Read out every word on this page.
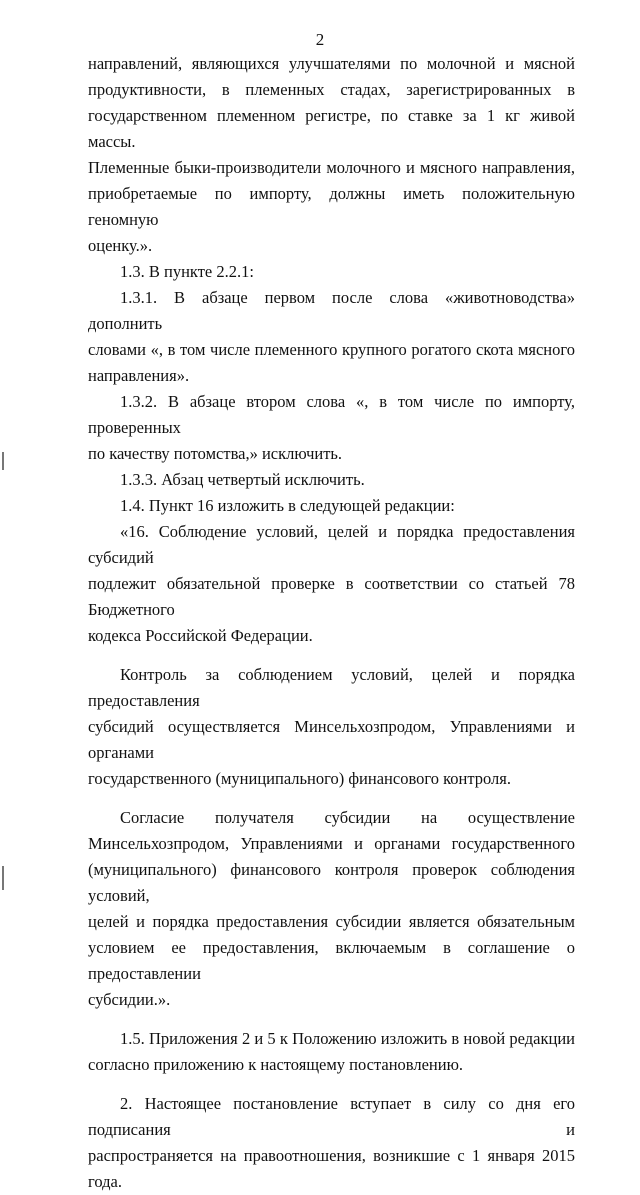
2
направлений, являющихся улучшателями по молочной и мясной
продуктивности, в племенных стадах, зарегистрированных в
государственном племенном регистре, по ставке за 1 кг живой массы.
Племенные быки-производители молочного и мясного направления,
приобретаемые по импорту, должны иметь положительную геномную
оценку.».
1.3. В пункте 2.2.1:
1.3.1. В абзаце первом после слова «животноводства» дополнить
словами «, в том числе племенного крупного рогатого скота мясного
направления».
1.3.2. В абзаце втором слова «, в том числе по импорту, проверенных
по качеству потомства,» исключить.
1.3.3. Абзац четвертый исключить.
1.4. Пункт 16 изложить в следующей редакции:
«16. Соблюдение условий, целей и порядка предоставления субсидий
подлежит обязательной проверке в соответствии со статьей 78 Бюджетного
кодекса Российской Федерации.
Контроль за соблюдением условий, целей и порядка предоставления
субсидий осуществляется Минсельхозпродом, Управлениями и органами
государственного (муниципального) финансового контроля.
Согласие получателя субсидии на осуществление
Минсельхозпродом, Управлениями и органами государственного
(муниципального) финансового контроля проверок соблюдения условий,
целей и порядка предоставления субсидии является обязательным
условием ее предоставления, включаемым в соглашение о предоставлении
субсидии.».
1.5. Приложения 2 и 5 к Положению изложить в новой редакции
согласно приложению к настоящему постановлению.
2. Настоящее постановление вступает в силу со дня его подписания и
распространяется на правоотношения, возникшие с 1 января 2015 года.
